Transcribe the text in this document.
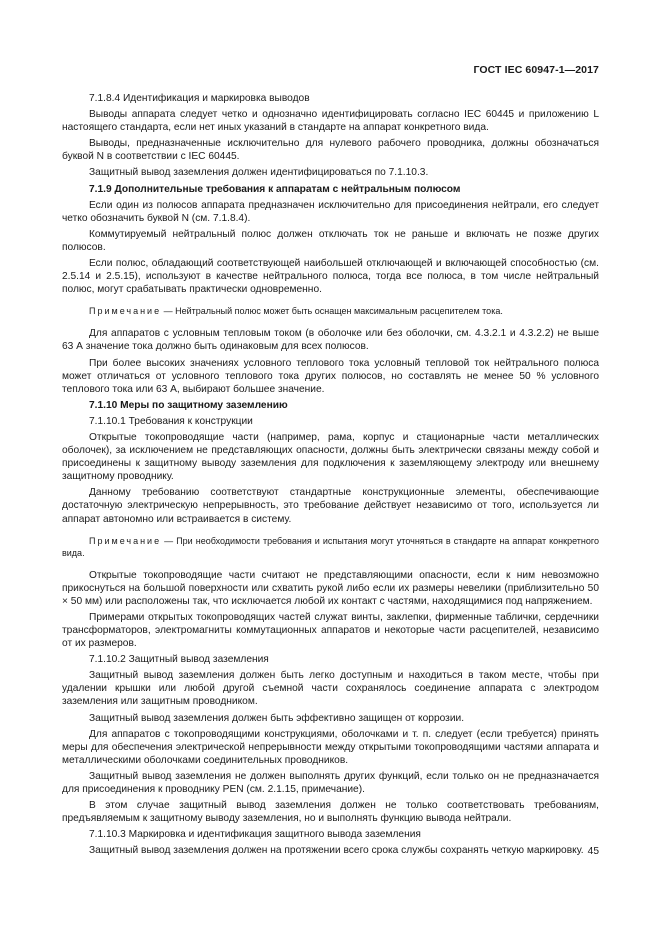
ГОСТ IEC 60947-1—2017

7.1.8.4 Идентификация и маркировка выводов

Выводы аппарата следует четко и однозначно идентифицировать согласно IEC 60445 и приложению L настоящего стандарта, если нет иных указаний в стандарте на аппарат конкретного вида.

Выводы, предназначенные исключительно для нулевого рабочего проводника, должны обозначаться буквой N в соответствии с IEC 60445.

Защитный вывод заземления должен идентифицироваться по 7.1.10.3.

7.1.9 Дополнительные требования к аппаратам с нейтральным полюсом

Если один из полюсов аппарата предназначен исключительно для присоединения нейтрали, его следует четко обозначить буквой N (см. 7.1.8.4).

Коммутируемый нейтральный полюс должен отключать ток не раньше и включать не позже других полюсов.

Если полюс, обладающий соответствующей наибольшей отключающей и включающей способностью (см. 2.5.14 и 2.5.15), используют в качестве нейтрального полюса, тогда все полюса, в том числе нейтральный полюс, могут срабатывать практически одновременно.

Примечание — Нейтральный полюс может быть оснащен максимальным расцепителем тока.

Для аппаратов с условным тепловым током (в оболочке или без оболочки, см. 4.3.2.1 и 4.3.2.2) не выше 63 А значение тока должно быть одинаковым для всех полюсов.

При более высоких значениях условного теплового тока условный тепловой ток нейтрального полюса может отличаться от условного теплового тока других полюсов, но составлять не менее 50 % условного теплового тока или 63 А, выбирают большее значение.

7.1.10 Меры по защитному заземлению

7.1.10.1 Требования к конструкции

Открытые токопроводящие части (например, рама, корпус и стационарные части металлических оболочек), за исключением не представляющих опасности, должны быть электрически связаны между собой и присоединены к защитному выводу заземления для подключения к заземляющему электроду или внешнему защитному проводнику.

Данному требованию соответствуют стандартные конструкционные элементы, обеспечивающие достаточную электрическую непрерывность, это требование действует независимо от того, используется ли аппарат автономно или встраивается в систему.

Примечание — При необходимости требования и испытания могут уточняться в стандарте на аппарат конкретного вида.

Открытые токопроводящие части считают не представляющими опасности, если к ним невозможно прикоснуться на большой поверхности или схватить рукой либо если их размеры невелики (приблизительно 50 × 50 мм) или расположены так, что исключается любой их контакт с частями, находящимися под напряжением.

Примерами открытых токопроводящих частей служат винты, заклепки, фирменные таблички, сердечники трансформаторов, электромагниты коммутационных аппаратов и некоторые части расцепителей, независимо от их размеров.

7.1.10.2 Защитный вывод заземления

Защитный вывод заземления должен быть легко доступным и находиться в таком месте, чтобы при удалении крышки или любой другой съемной части сохранялось соединение аппарата с электродом заземления или защитным проводником.

Защитный вывод заземления должен быть эффективно защищен от коррозии.

Для аппаратов с токопроводящими конструкциями, оболочками и т. п. следует (если требуется) принять меры для обеспечения электрической непрерывности между открытыми токопроводящими частями аппарата и металлическими оболочками соединительных проводников.

Защитный вывод заземления не должен выполнять других функций, если только он не предназначается для присоединения к проводнику PEN (см. 2.1.15, примечание).

В этом случае защитный вывод заземления должен не только соответствовать требованиям, предъявляемым к защитному выводу заземления, но и выполнять функцию вывода нейтрали.

7.1.10.3 Маркировка и идентификация защитного вывода заземления

Защитный вывод заземления должен на протяжении всего срока службы сохранять четкую маркировку. 45
